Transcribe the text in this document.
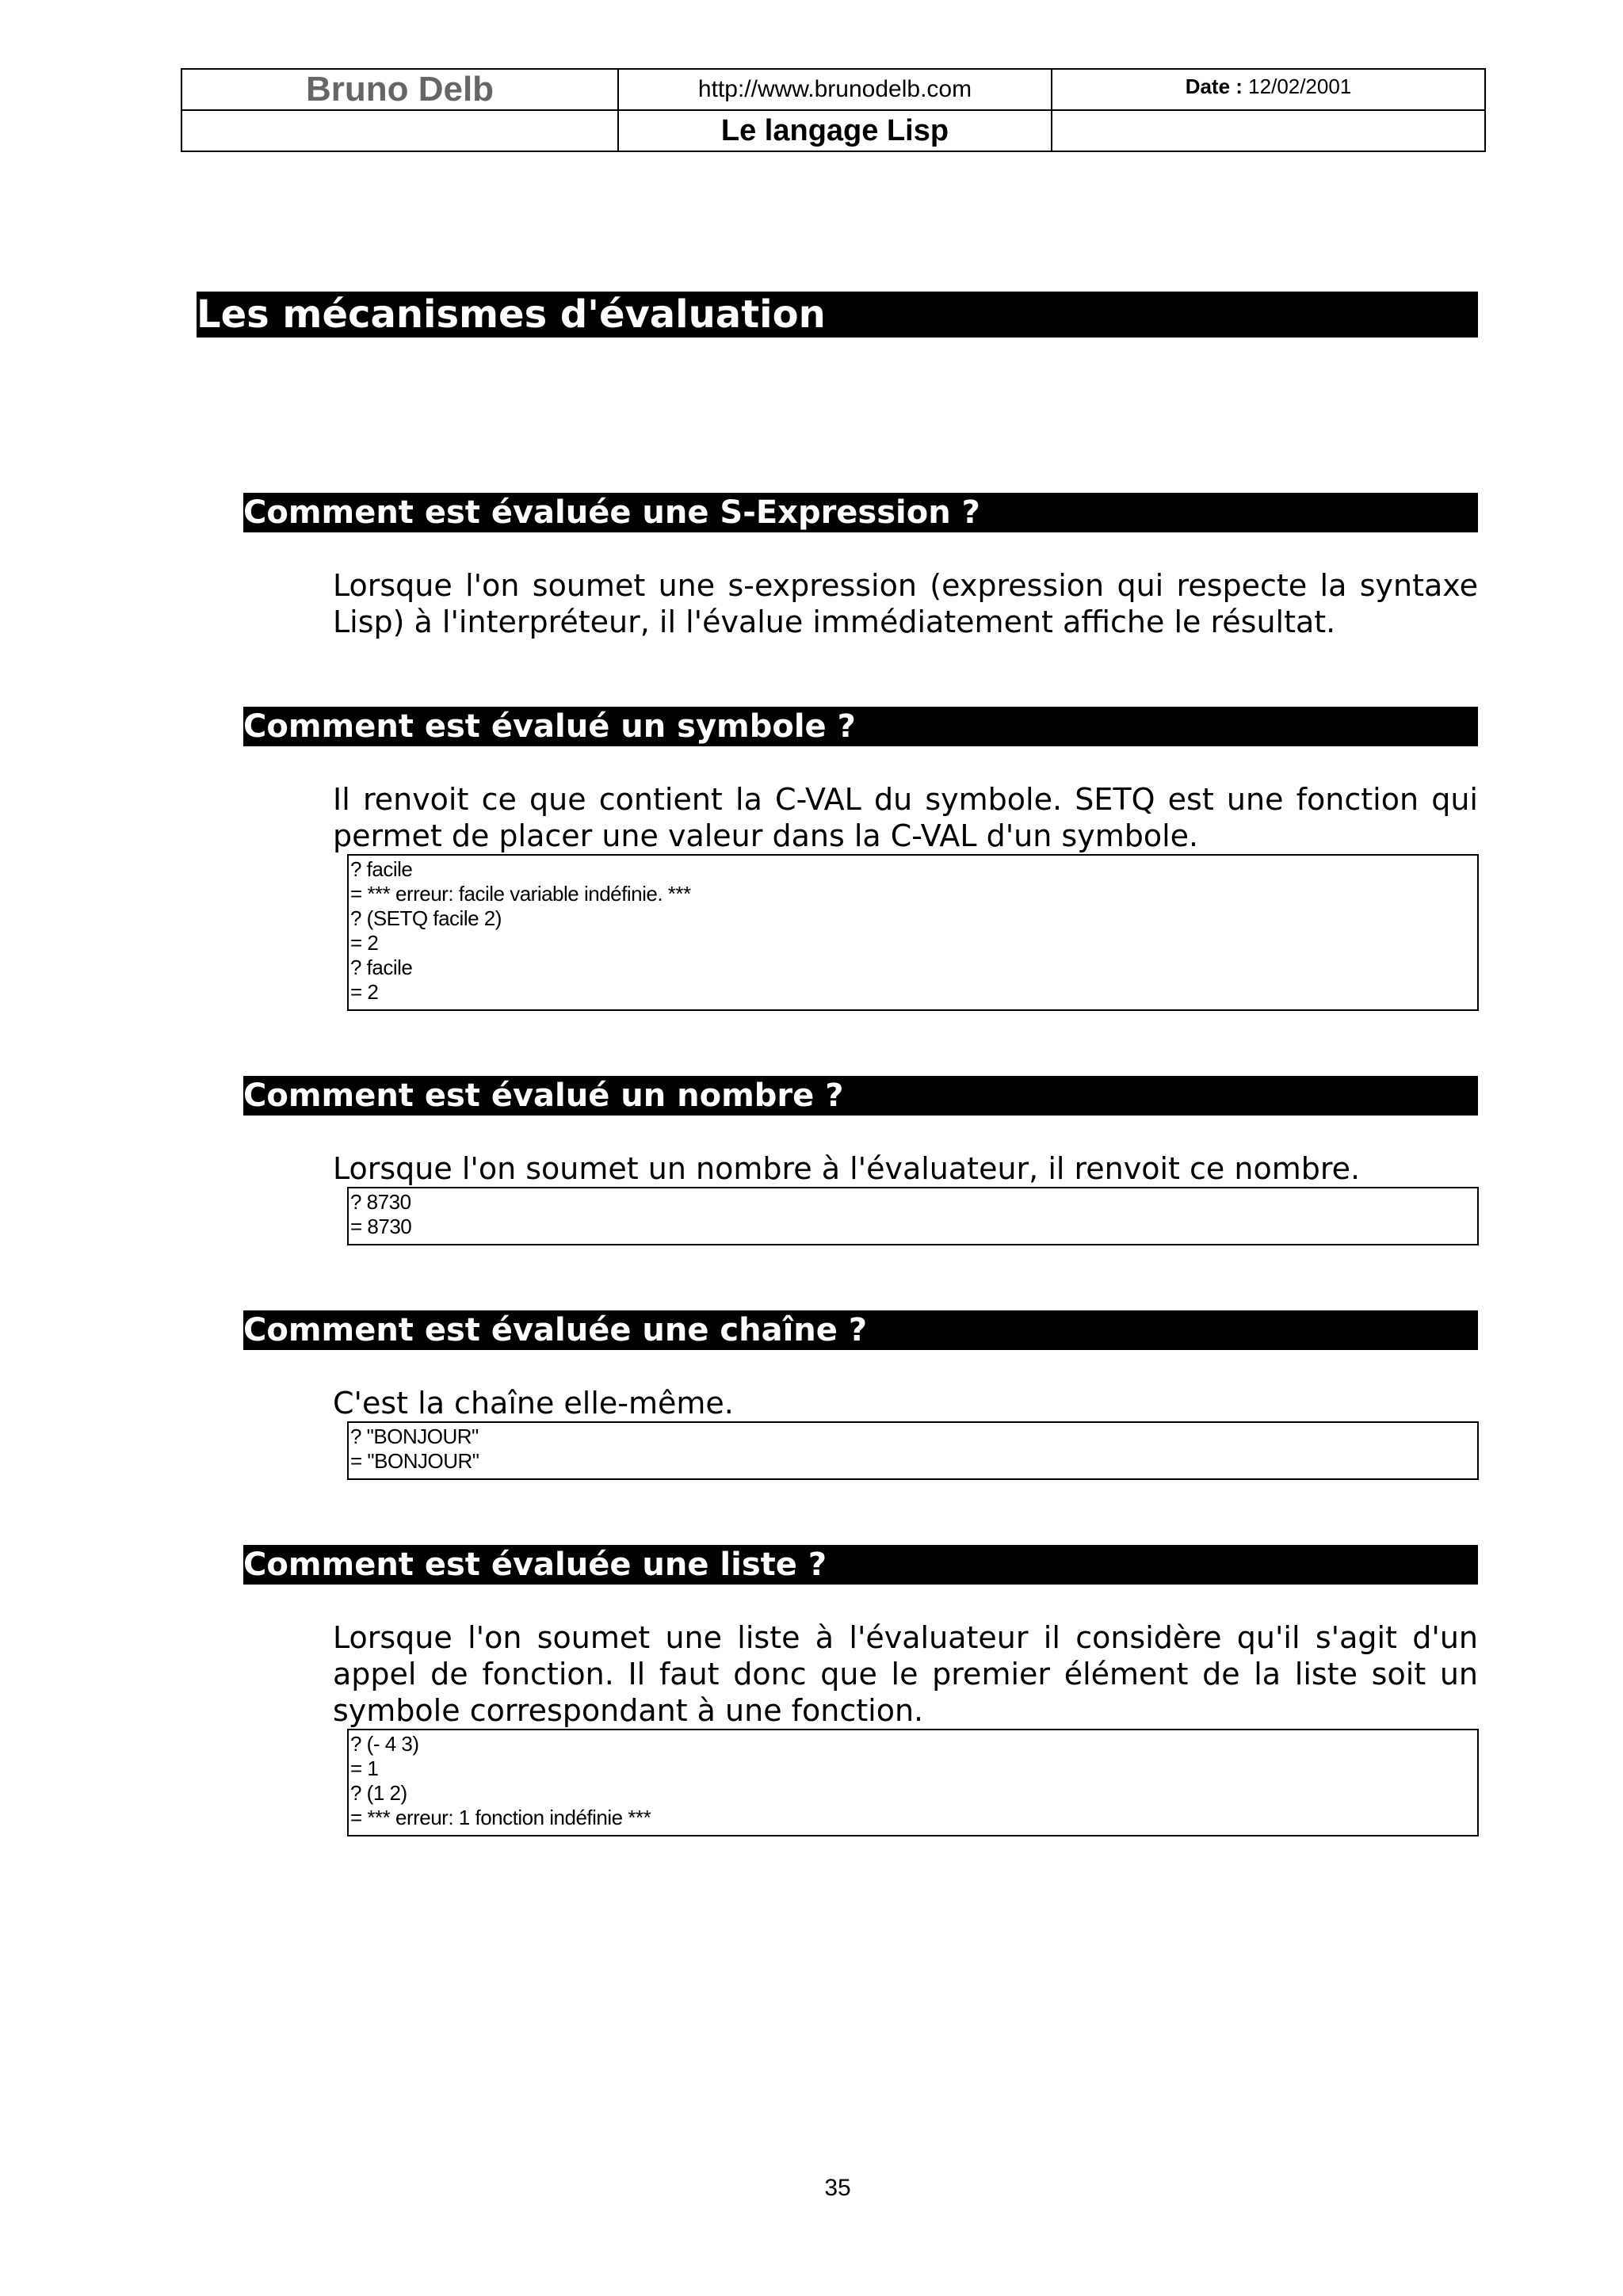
Bruno Delb	http://www.brunodelb.com	Date : 12/02/2001
	Le langage Lisp	
Les mécanismes d'évaluation
Comment est évaluée une S-Expression ?
Lorsque l'on soumet une s-expression (expression qui respecte la syntaxe Lisp) à l'interpréteur, il l'évalue immédiatement affiche le résultat.
Comment est évalué un symbole ?
Il renvoit ce que contient la C-VAL du symbole. SETQ est une fonction qui permet de placer une valeur dans la C-VAL d'un symbole.
? facile
= *** erreur: facile variable indéfinie. ***
? (SETQ facile 2)
= 2
? facile
= 2
Comment est évalué un nombre ?
Lorsque l'on soumet un nombre à l'évaluateur, il renvoit ce nombre.
? 8730
= 8730
Comment est évaluée une chaîne ?
C'est la chaîne elle-même.
? "BONJOUR"
= "BONJOUR"
Comment est évaluée une liste ?
Lorsque l'on soumet une liste à l'évaluateur il considère qu'il s'agit d'un appel de fonction. Il faut donc que le premier élément de la liste soit un symbole correspondant à une fonction.
? (- 4 3)
= 1
? (1 2)
= *** erreur: 1 fonction indéfinie ***
35
